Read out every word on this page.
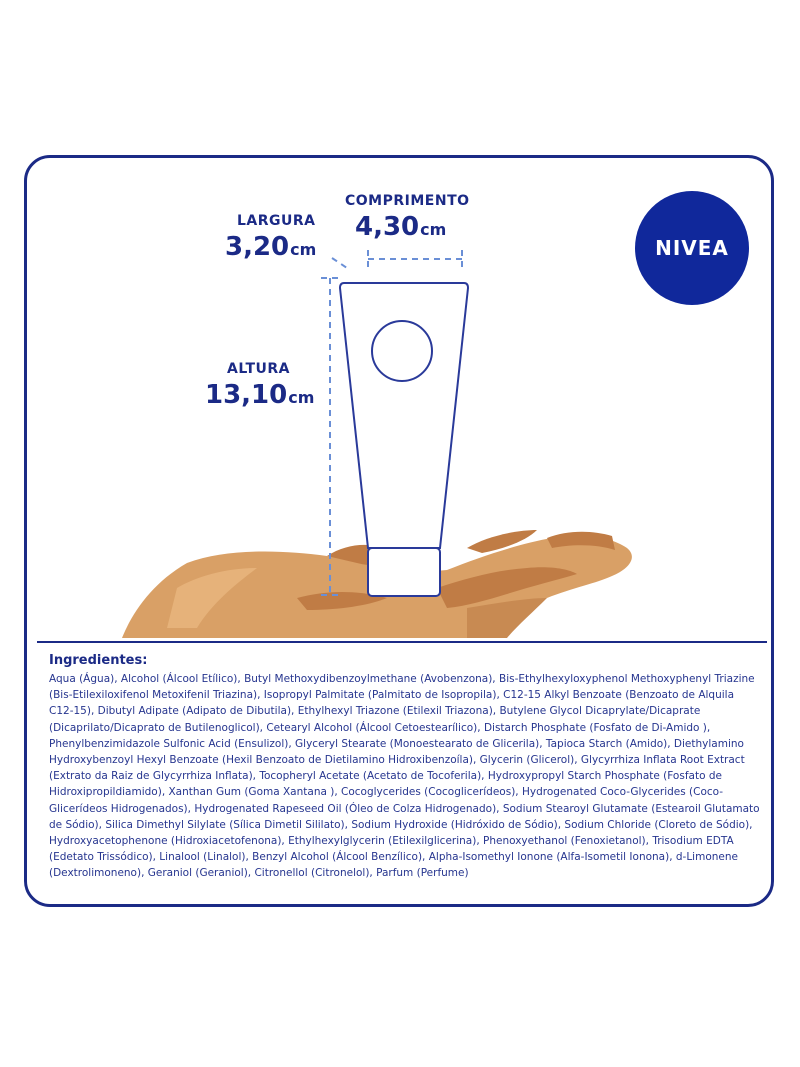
COMPRIMENTO
4,30cm
LARGURA
3,20cm
ALTURA
13,10cm
NIVEA
Ingredientes:
Aqua (Água), Alcohol (Álcool Etílico), Butyl Methoxydibenzoylmethane (Avobenzona), Bis-Ethylhexyloxyphenol Methoxyphenyl Triazine (Bis-Etilexiloxifenol Metoxifenil Triazina), Isopropyl Palmitate (Palmitato de Isopropila), C12-15 Alkyl Benzoate (Benzoato de Alquila C12-15), Dibutyl Adipate (Adipato de Dibutila), Ethylhexyl Triazone (Etilexil Triazona), Butylene Glycol Dicaprylate/Dicaprate (Dicaprilato/Dicaprato de Butilenoglicol), Cetearyl Alcohol (Álcool Cetoestearílico), Distarch Phosphate (Fosfato de Di-Amido ), Phenylbenzimidazole Sulfonic Acid (Ensulizol), Glyceryl Stearate (Monoestearato de Glicerila), Tapioca Starch (Amido), Diethylamino Hydroxybenzoyl Hexyl Benzoate (Hexil Benzoato de Dietilamino Hidroxibenzoíla), Glycerin (Glicerol), Glycyrrhiza Inflata Root Extract (Extrato da Raiz de Glycyrrhiza Inflata), Tocopheryl Acetate (Acetato de Tocoferila), Hydroxypropyl Starch Phosphate (Fosfato de Hidroxipropildiamido), Xanthan Gum (Goma Xantana ), Cocoglycerides (Cocoglicerídeos), Hydrogenated Coco-Glycerides (Coco-Glicerídeos Hidrogenados), Hydrogenated Rapeseed Oil (Óleo de Colza Hidrogenado), Sodium Stearoyl Glutamate (Estearoil Glutamato de Sódio), Silica Dimethyl Silylate (Sílica Dimetil Sililato), Sodium Hydroxide (Hidróxido de Sódio), Sodium Chloride (Cloreto de Sódio), Hydroxyacetophenone (Hidroxiacetofenona), Ethylhexylglycerin (Etilexilglicerina), Phenoxyethanol (Fenoxietanol), Trisodium EDTA (Edetato Trissódico), Linalool (Linalol), Benzyl Alcohol (Álcool Benzílico), Alpha-Isomethyl Ionone (Alfa-Isometil Ionona), d-Limonene (Dextrolimoneno), Geraniol (Geraniol), Citronellol (Citronelol), Parfum (Perfume)
